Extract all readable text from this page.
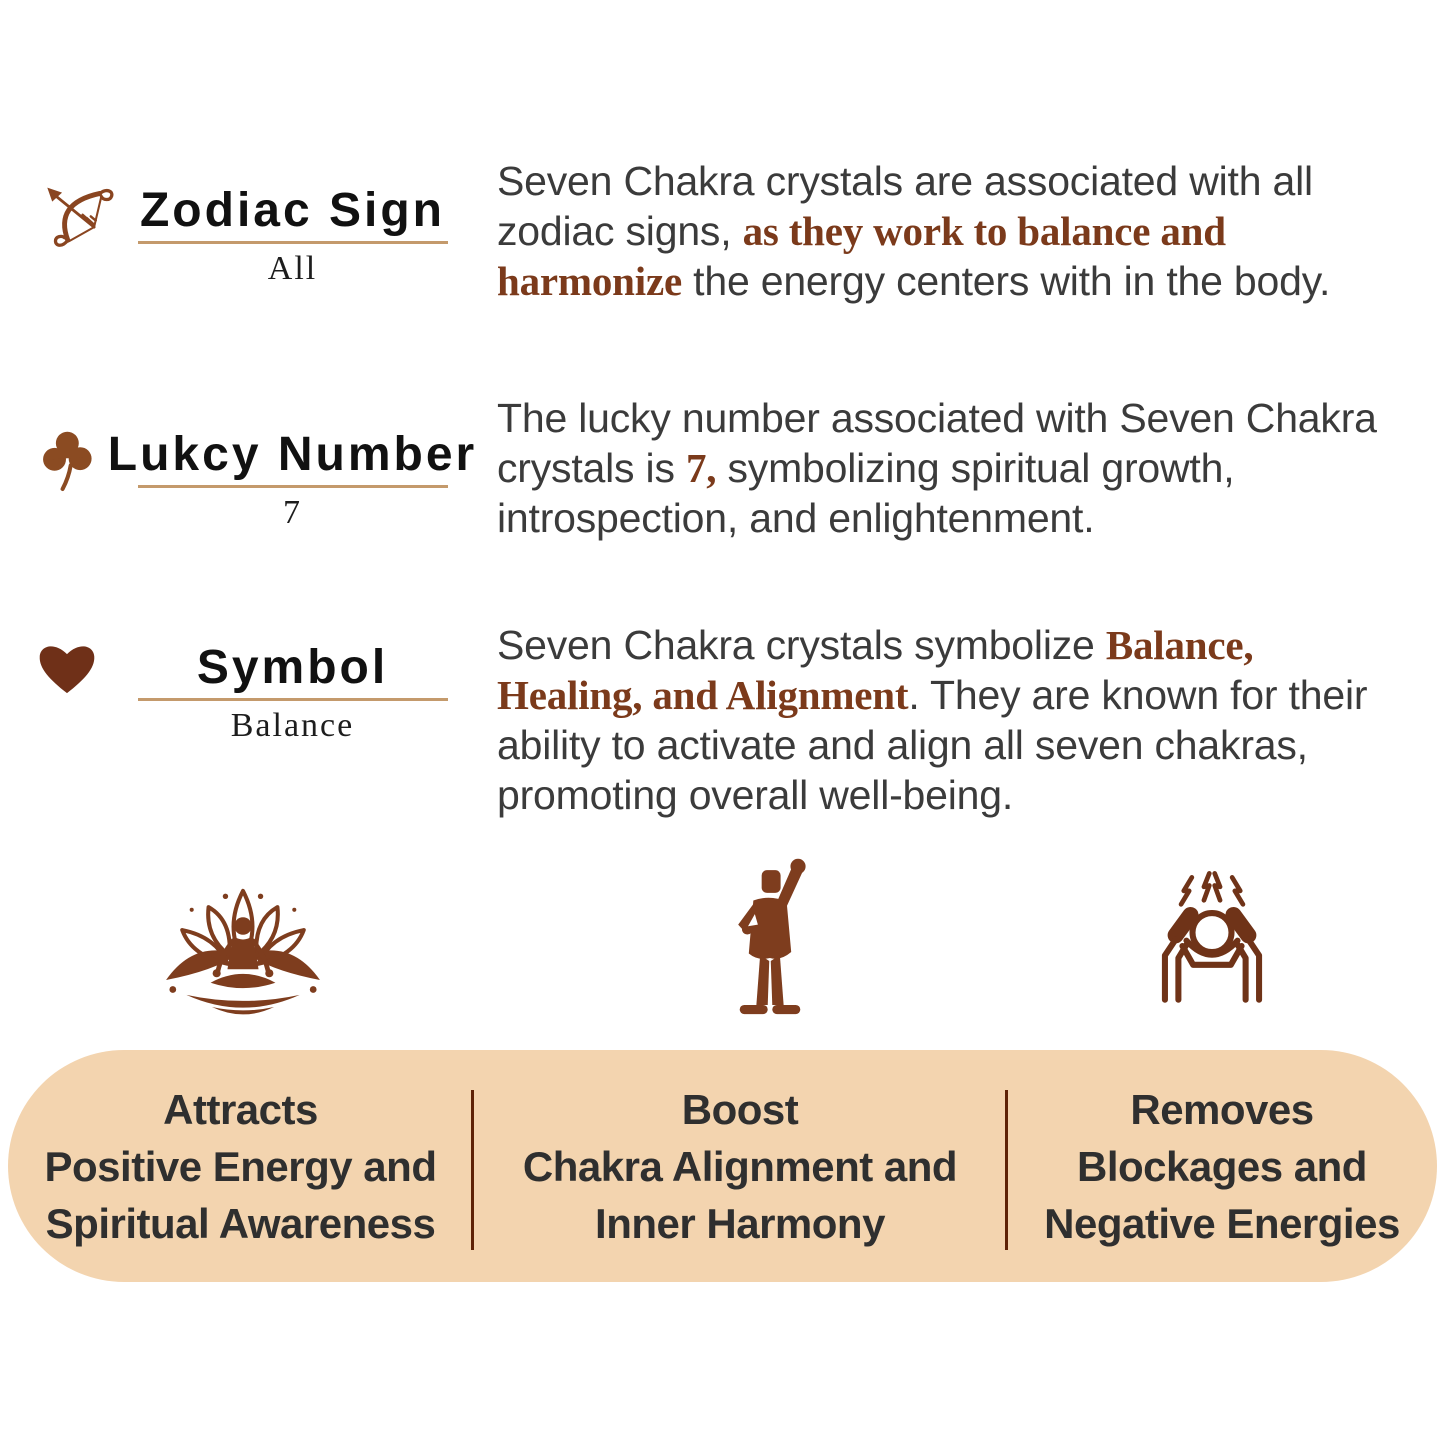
Zodiac Sign
All

Seven Chakra crystals are associated with all zodiac signs, as they work to balance and harmonize the energy centers with in the body.

Lukcy Number
7

The lucky number associated with Seven Chakra crystals is 7, symbolizing spiritual growth, introspection, and enlightenment.

Symbol
Balance

Seven Chakra crystals symbolize Balance, Healing, and Alignment. They are known for their ability to activate and align all seven chakras, promoting overall well-being.

Attracts
Positive Energy and
Spiritual Awareness
Boost
Chakra Alignment and
Inner Harmony
Removes
Blockages and
Negative Energies
